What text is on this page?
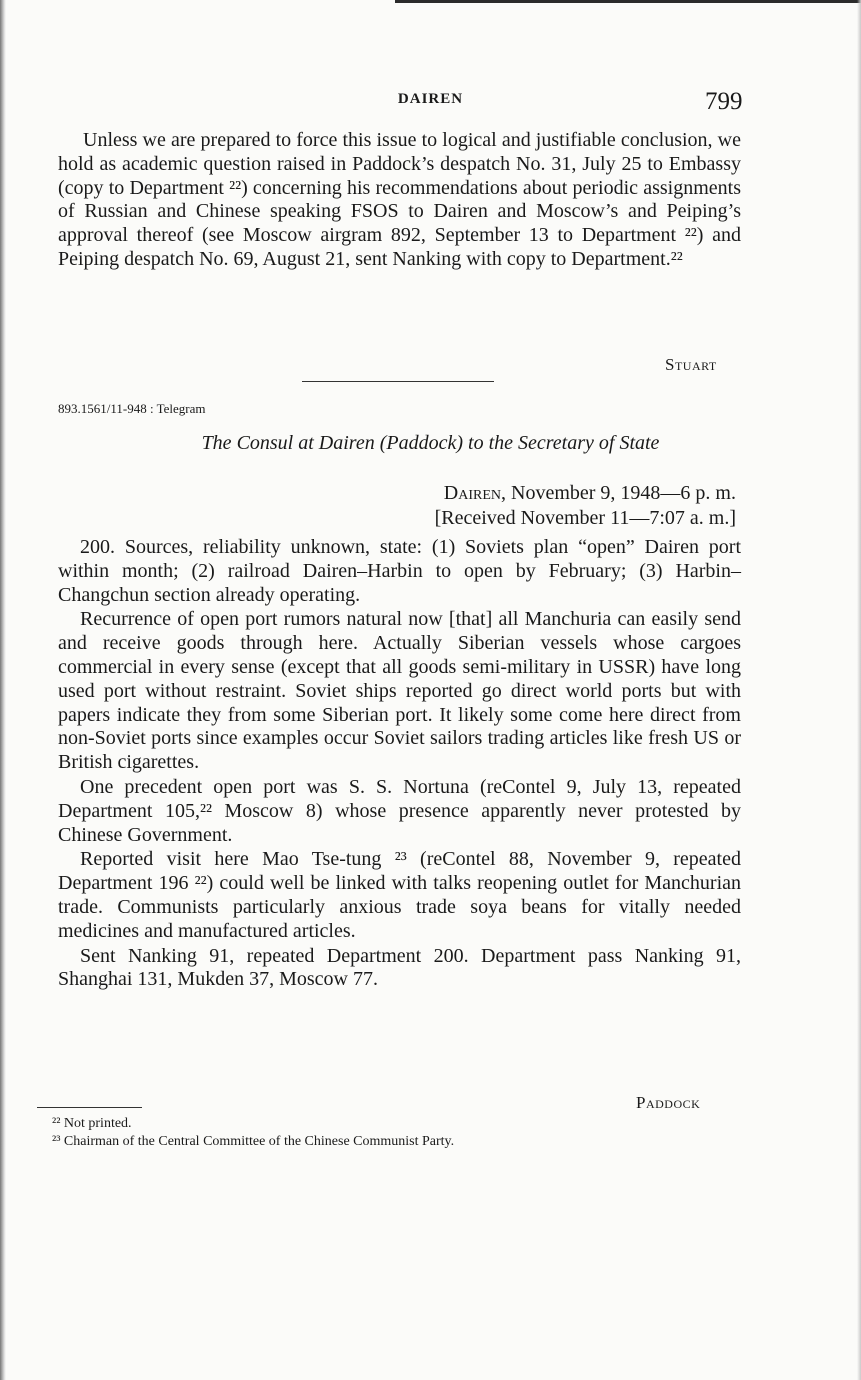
DAIREN	799
Unless we are prepared to force this issue to logical and justifiable conclusion, we hold as academic question raised in Paddock’s despatch No. 31, July 25 to Embassy (copy to Department ²²) concerning his recommendations about periodic assignments of Russian and Chinese speaking FSOS to Dairen and Moscow’s and Peiping’s approval thereof (see Moscow airgram 892, September 13 to Department ²²) and Peiping despatch No. 69, August 21, sent Nanking with copy to Department.²²
Stuart
893.1561/11-948 : Telegram
The Consul at Dairen (Paddock) to the Secretary of State
Dairen, November 9, 1948—6 p. m.
[Received November 11—7:07 a. m.]

200. Sources, reliability unknown, state: (1) Soviets plan “open” Dairen port within month; (2) railroad Dairen–Harbin to open by February; (3) Harbin–Changchun section already operating.

Recurrence of open port rumors natural now [that] all Manchuria can easily send and receive goods through here. Actually Siberian vessels whose cargoes commercial in every sense (except that all goods semi-military in USSR) have long used port without restraint. Soviet ships reported go direct world ports but with papers indicate they from some Siberian port. It likely some come here direct from non-Soviet ports since examples occur Soviet sailors trading articles like fresh US or British cigarettes.

One precedent open port was S. S. Nortuna (reContel 9, July 13, repeated Department 105,²² Moscow 8) whose presence apparently never protested by Chinese Government.

Reported visit here Mao Tse-tung ²³ (reContel 88, November 9, repeated Department 196 ²²) could well be linked with talks reopening outlet for Manchurian trade. Communists particularly anxious trade soya beans for vitally needed medicines and manufactured articles.

Sent Nanking 91, repeated Department 200. Department pass Nanking 91, Shanghai 131, Mukden 37, Moscow 77.

Paddock
²² Not printed.
²³ Chairman of the Central Committee of the Chinese Communist Party.
